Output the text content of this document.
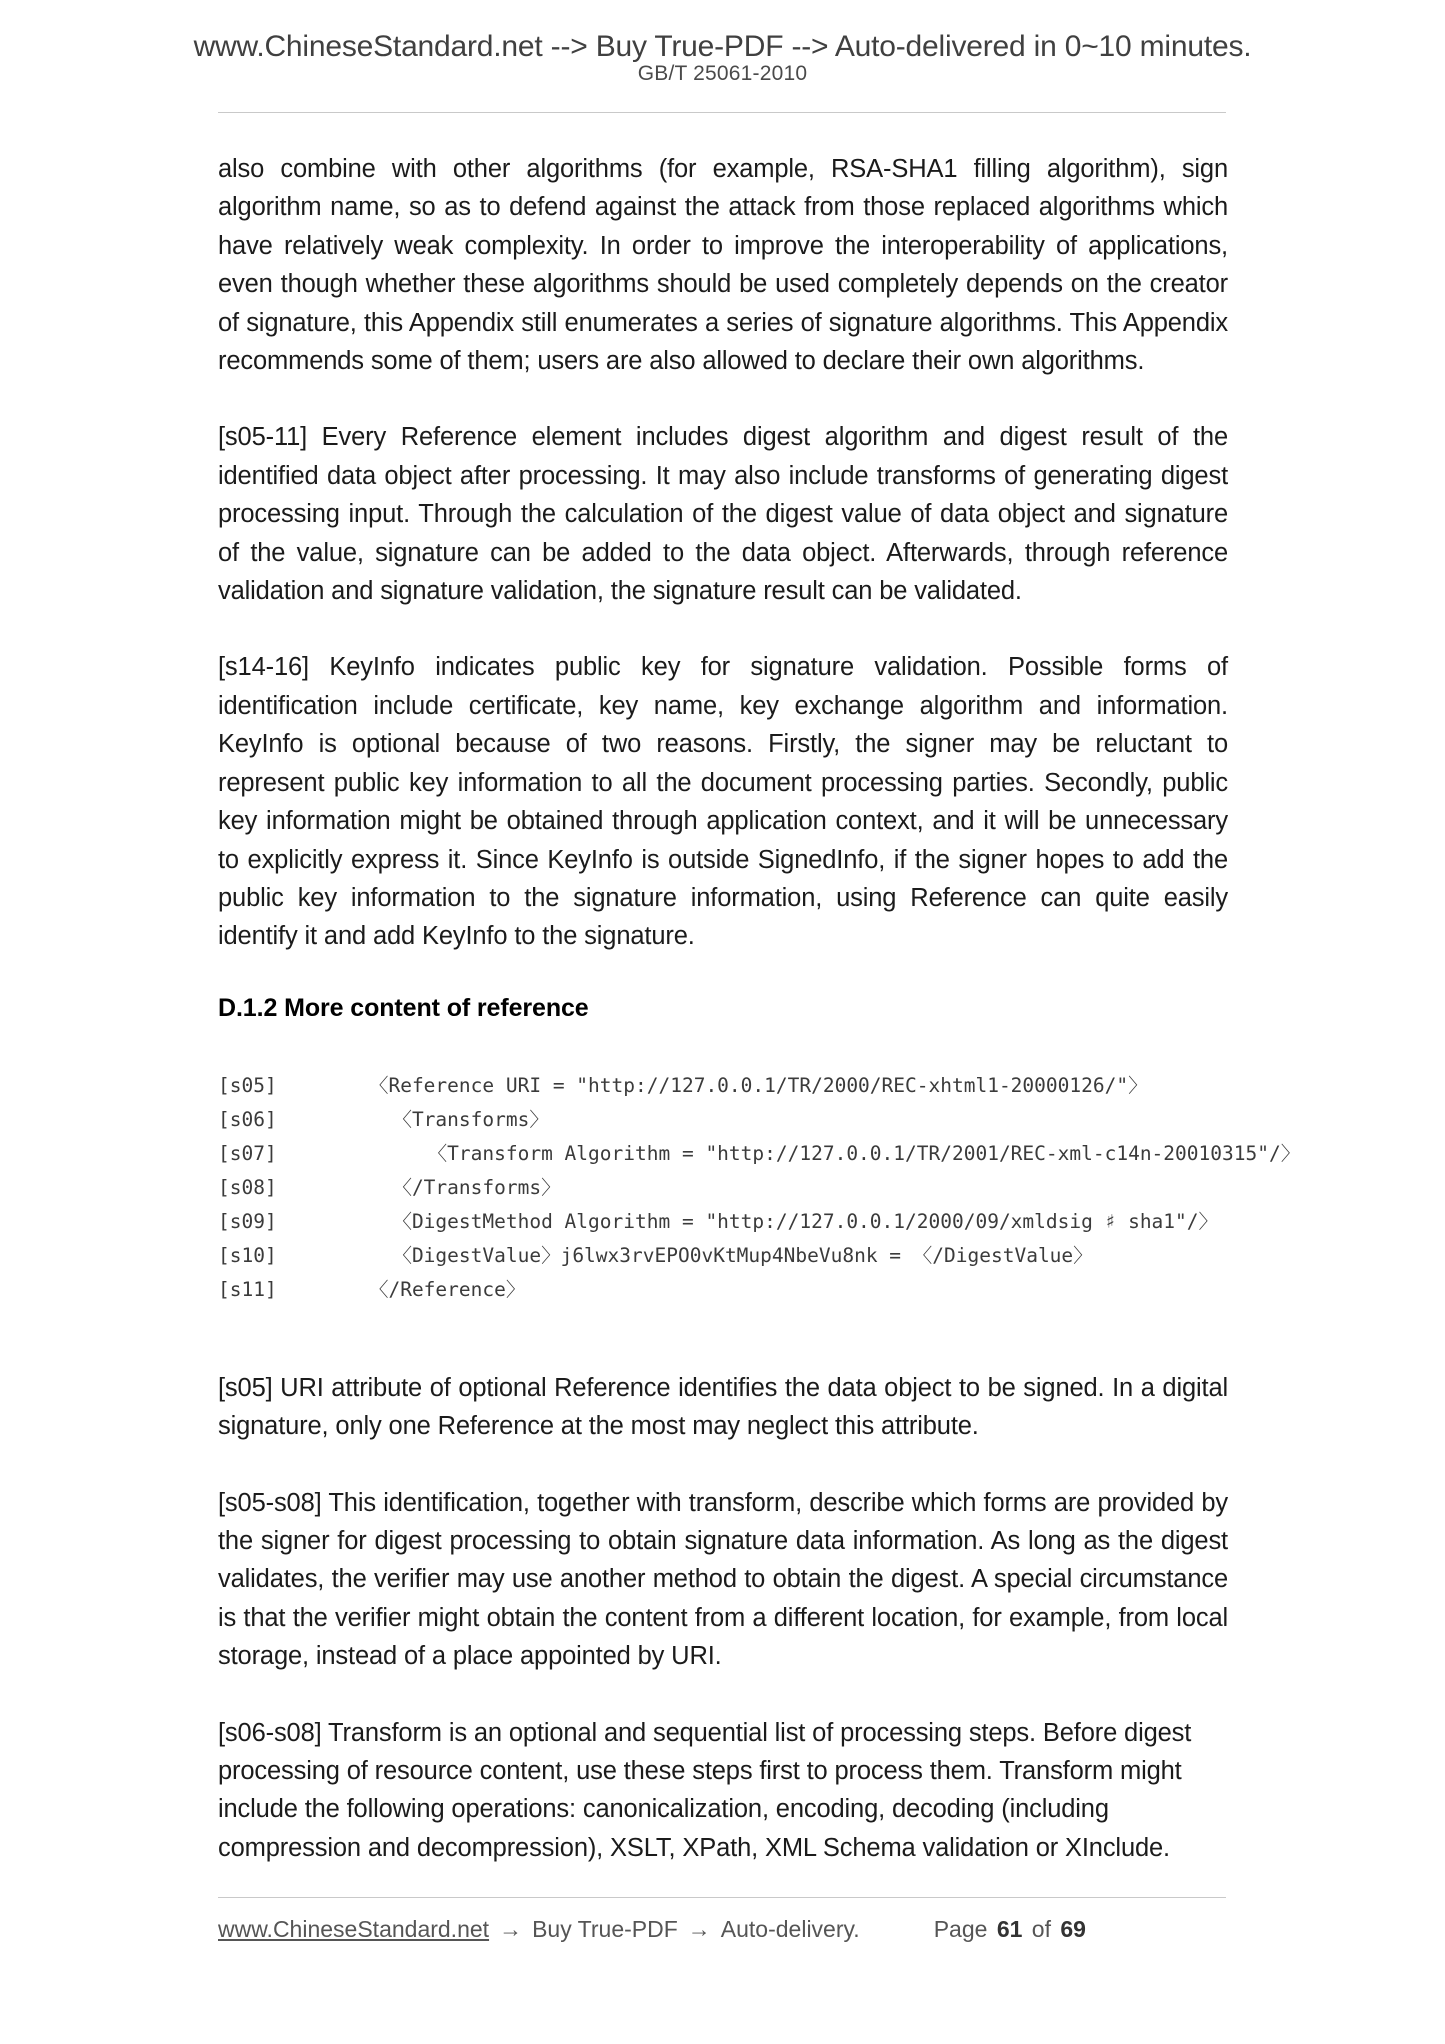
www.ChineseStandard.net --> Buy True-PDF --> Auto-delivered in 0~10 minutes.
GB/T 25061-2010

also combine with other algorithms (for example, RSA-SHA1 filling algorithm), sign algorithm name, so as to defend against the attack from those replaced algorithms which have relatively weak complexity. In order to improve the interoperability of applications, even though whether these algorithms should be used completely depends on the creator of signature, this Appendix still enumerates a series of signature algorithms. This Appendix recommends some of them; users are also allowed to declare their own algorithms.

[s05-11] Every Reference element includes digest algorithm and digest result of the identified data object after processing. It may also include transforms of generating digest processing input. Through the calculation of the digest value of data object and signature of the value, signature can be added to the data object. Afterwards, through reference validation and signature validation, the signature result can be validated.

[s14-16] KeyInfo indicates public key for signature validation. Possible forms of identification include certificate, key name, key exchange algorithm and information. KeyInfo is optional because of two reasons. Firstly, the signer may be reluctant to represent public key information to all the document processing parties. Secondly, public key information might be obtained through application context, and it will be unnecessary to explicitly express it. Since KeyInfo is outside SignedInfo, if the signer hopes to add the public key information to the signature information, using Reference can quite easily identify it and add KeyInfo to the signature.

D.1.2 More content of reference
[s05]    〈Reference URI = "http://127.0.0.1/TR/2000/REC-xhtml1-20000126/"〉
[s06]      〈Transforms〉
[s07]         〈Transform Algorithm = "http://127.0.0.1/TR/2001/REC-xml-c14n-20010315"/〉
[s08]      〈/Transforms〉
[s09]      〈DigestMethod Algorithm = "http://127.0.0.1/2000/09/xmldsig ♯ sha1"/〉
[s10]      〈DigestValue〉j6lwx3rvEPO0vKtMup4NbeVu8nk = 〈/DigestValue〉
[s11]    〈/Reference〉

[s05] URI attribute of optional Reference identifies the data object to be signed. In a digital signature, only one Reference at the most may neglect this attribute.

[s05-s08] This identification, together with transform, describe which forms are provided by the signer for digest processing to obtain signature data information. As long as the digest validates, the verifier may use another method to obtain the digest. A special circumstance is that the verifier might obtain the content from a different location, for example, from local storage, instead of a place appointed by URI.

[s06-s08] Transform is an optional and sequential list of processing steps. Before digest processing of resource content, use these steps first to process them. Transform might include the following operations: canonicalization, encoding, decoding (including compression and decompression), XSLT, XPath, XML Schema validation or XInclude.

www.ChineseStandard.net → Buy True-PDF → Auto-delivery.	Page 61 of 69
